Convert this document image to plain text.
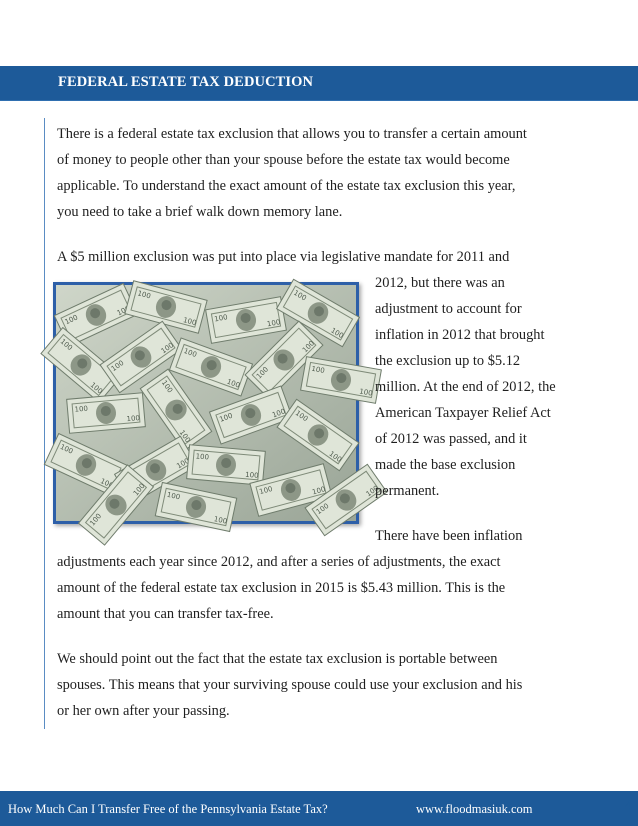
FEDERAL ESTATE TAX DEDUCTION

There is a federal estate tax exclusion that allows you to transfer a certain amount
of money to people other than your spouse before the estate tax would become
applicable. To understand the exact amount of the estate tax exclusion this year,
you need to take a brief walk down memory lane.

A $5 million exclusion was put into place via legislative mandate for 2011 and

100	2012, but there was an
adjustment to account for
inflation in 2012 that brought
the exclusion up to $5.12
million. At the end of 2012, the
American Taxpayer Relief Act
of 2012 was passed, and it
made the base exclusion
permanent.

There have been inflation

adjustments each year since 2012, and after a series of adjustments, the exact
amount of the federal estate tax exclusion in 2015 is $5.43 million. This is the
amount that you can transfer tax-free.

We should point out the fact that the estate tax exclusion is portable between
spouses. This means that your surviving spouse could use your exclusion and his
or her own after your passing.

How Much Can I Transfer Free of the Pennsylvania Estate Tax?	www.floodmasiuk.com	4
